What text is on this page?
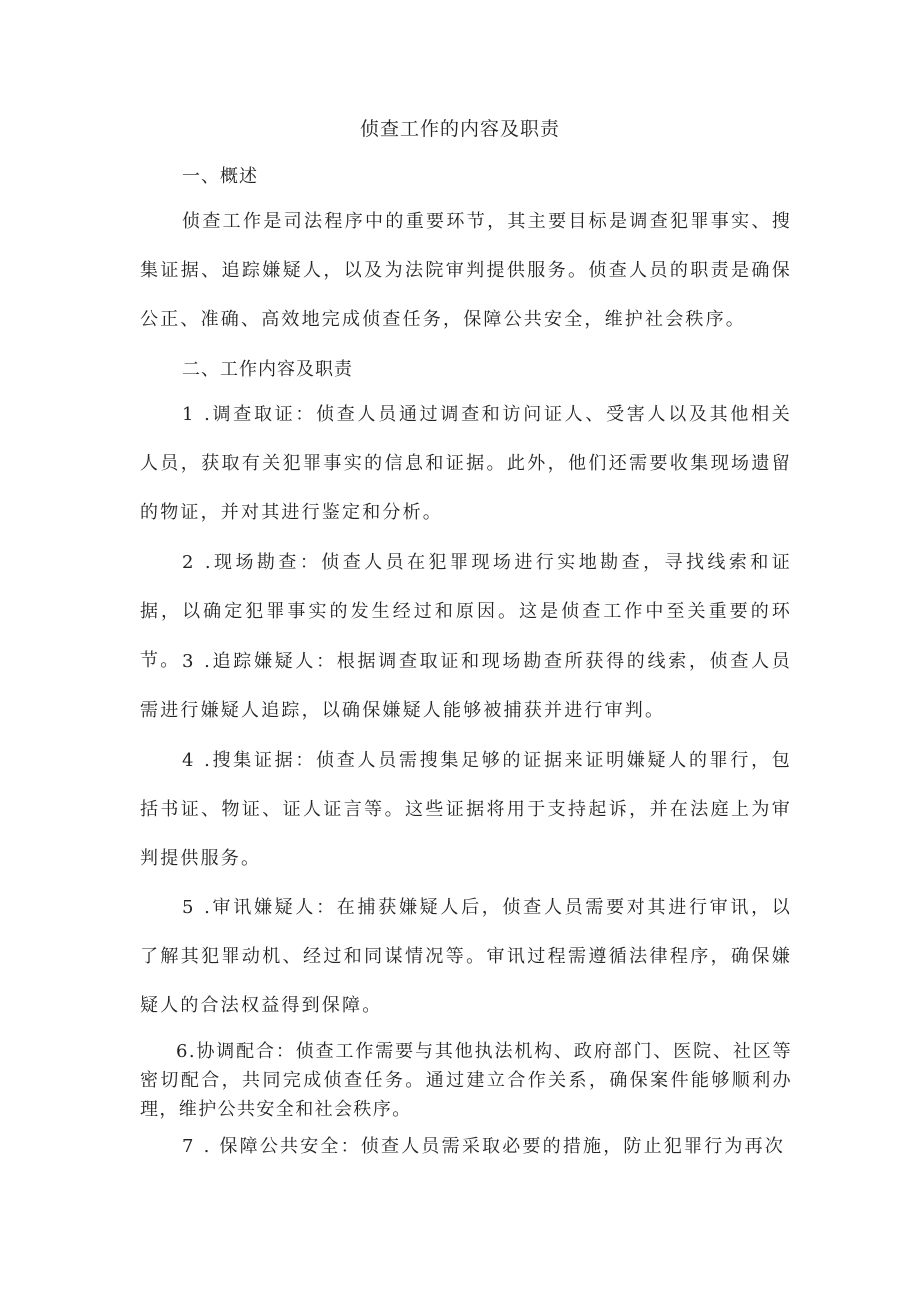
侦查工作的内容及职责
一、概述

侦查工作是司法程序中的重要环节，其主要目标是调查犯罪事实、搜集证据、追踪嫌疑人，以及为法院审判提供服务。侦查人员的职责是确保公正、准确、高效地完成侦查任务，保障公共安全，维护社会秩序。

二、工作内容及职责

1 .调查取证：侦查人员通过调查和访问证人、受害人以及其他相关人员，获取有关犯罪事实的信息和证据。此外，他们还需要收集现场遗留的物证，并对其进行鉴定和分析。

2 .现场勘查：侦查人员在犯罪现场进行实地勘查，寻找线索和证据，以确定犯罪事实的发生经过和原因。这是侦查工作中至关重要的环节。 3 .追踪嫌疑人：根据调查取证和现场勘查所获得的线索，侦查人员需进行嫌疑人追踪，以确保嫌疑人能够被捕获并进行审判。

4 .搜集证据：侦查人员需搜集足够的证据来证明嫌疑人的罪行，包括书证、物证、证人证言等。这些证据将用于支持起诉，并在法庭上为审判提供服务。

5 .审讯嫌疑人：在捕获嫌疑人后，侦查人员需要对其进行审讯，以了解其犯罪动机、经过和同谋情况等。审讯过程需遵循法律程序，确保嫌疑人的合法权益得到保障。

6.协调配合：侦查工作需要与其他执法机构、政府部门、医院、社区等密切配合，共同完成侦查任务。通过建立合作关系，确保案件能够顺利办理，维护公共安全和社会秩序。

7 . 保障公共安全：侦查人员需采取必要的措施，防止犯罪行为再次
